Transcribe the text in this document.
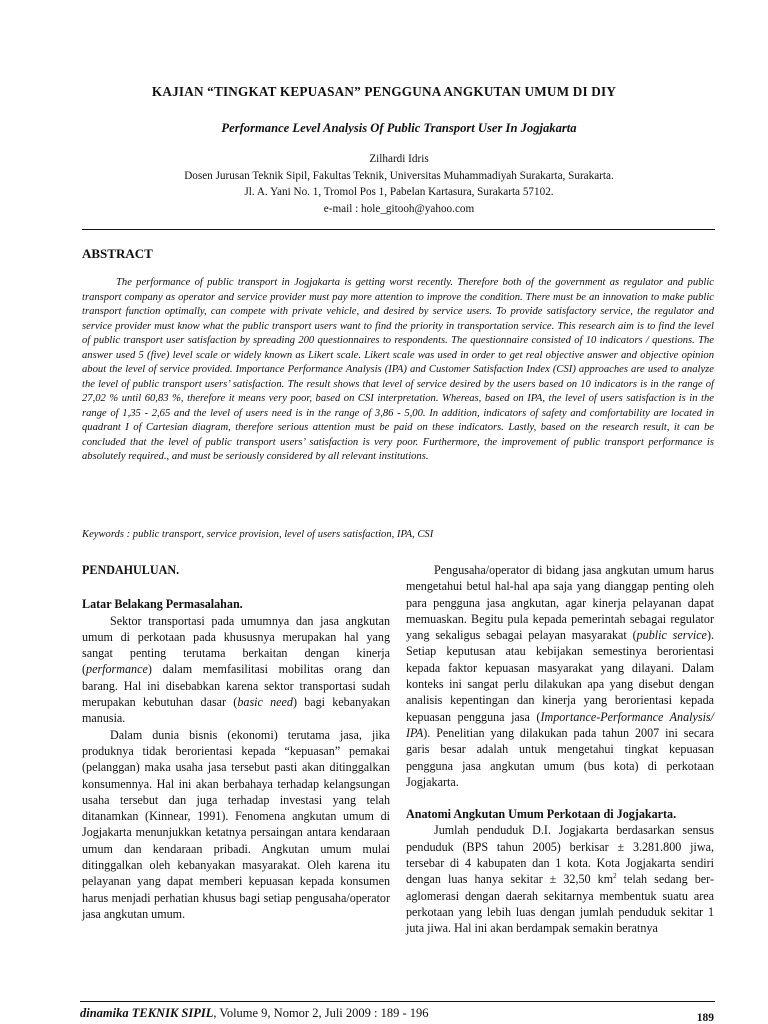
KAJIAN “TINGKAT KEPUASAN” PENGGUNA ANGKUTAN UMUM DI DIY
Performance Level Analysis Of Public Transport User In Jogjakarta
Zilhardi Idris
Dosen Jurusan Teknik Sipil, Fakultas Teknik, Universitas Muhammadiyah Surakarta, Surakarta.
Jl. A. Yani No. 1, Tromol Pos 1, Pabelan Kartasura, Surakarta 57102.
e-mail : hole_gitooh@yahoo.com
ABSTRACT
The performance of public transport in Jogjakarta is getting worst recently. Therefore both of the government as regulator and public transport company as operator and service provider must pay more attention to improve the condition. There must be an innovation to make public transport function optimally, can compete with private vehicle, and desired by service users. To provide satisfactory service, the regulator and service provider must know what the public transport users want to find the priority in transportation service. This research aim is to find the level of public transport user satisfaction by spreading 200 questionnaires to respondents. The questionnaire consisted of 10 indicators / questions. The answer used 5 (five) level scale or widely known as Likert scale. Likert scale was used in order to get real objective answer and objective opinion about the level of service provided. Importance Performance Analysis (IPA) and Customer Satisfaction Index (CSI) approaches are used to analyze the level of public transport users’ satisfaction. The result shows that level of service desired by the users based on 10 indicators is in the range of 27,02 % until 60,83 %, therefore it means very poor, based on CSI interpretation. Whereas, based on IPA, the level of users satisfaction is in the range of 1,35 - 2,65 and the level of users need is in the range of 3,86 - 5,00. In addition, indicators of safety and comfortability are located in quadrant I of Cartesian diagram, therefore serious attention must be paid on these indicators. Lastly, based on the research result, it can be concluded that the level of public transport users’ satisfaction is very poor. Furthermore, the improvement of public transport performance is absolutely required., and must be seriously considered by all relevant institutions.
Keywords : public transport, service provision, level of users satisfaction, IPA, CSI
PENDAHULUAN.
Latar Belakang Permasalahan.

Sektor transportasi pada umumnya dan jasa angkutan umum di perkotaan pada khususnya merupakan hal yang sangat penting terutama berkaitan dengan kinerja (performance) dalam memfasilitasi mobilitas orang dan barang. Hal ini disebabkan karena sektor transportasi sudah merupakan kebutuhan dasar (basic need) bagi kebanyakan manusia.

Dalam dunia bisnis (ekonomi) terutama jasa, jika produknya tidak berorientasi kepada “kepuasan” pemakai (pelanggan) maka usaha jasa tersebut pasti akan ditinggalkan konsumennya. Hal ini akan berbahaya terhadap kelangsungan usaha tersebut dan juga terhadap investasi yang telah ditanamkan (Kinnear, 1991). Fenomena angkutan umum di Jogjakarta menunjukkan ketatnya persaingan antara kendaraan umum dan kendaraan pribadi. Angkutan umum mulai ditinggalkan oleh kebanyakan masyarakat. Oleh karena itu pelayanan yang dapat memberi kepuasan kepada konsumen harus menjadi perhatian khusus bagi setiap pengusaha/operator jasa angkutan umum.

Pengusaha/operator di bidang jasa angkutan umum harus mengetahui betul hal-hal apa saja yang dianggap penting oleh para pengguna jasa angkutan, agar kinerja pelayanan dapat memuaskan. Begitu pula kepada pemerintah sebagai regulator yang sekaligus sebagai pelayan masyarakat (public service). Setiap keputusan atau kebijakan semestinya berorientasi kepada faktor kepuasan masyarakat yang dilayani. Dalam konteks ini sangat perlu dilakukan apa yang disebut dengan analisis kepentingan dan kinerja yang berorientasi kepada kepuasan pengguna jasa (Importance-Performance Analysis/ IPA). Penelitian yang dilakukan pada tahun 2007 ini secara garis besar adalah untuk mengetahui tingkat kepuasan pengguna jasa angkutan umum (bus kota) di perkotaan Jogjakarta.

Anatomi Angkutan Umum Perkotaan di Jogjakarta.

Jumlah penduduk D.I. Jogjakarta berdasarkan sensus penduduk (BPS tahun 2005) berkisar ± 3.281.800 jiwa, tersebar di 4 kabupaten dan 1 kota. Kota Jogjakarta sendiri dengan luas hanya sekitar ± 32,50 $km^2$ telah sedang ber-aglomerasi dengan daerah sekitarnya membentuk suatu area perkotaan yang lebih luas dengan jumlah penduduk sekitar 1 juta jiwa. Hal ini akan berdampak semakin beratnya

dinamika TEKNIK SIPIL, Volume 9, Nomor 2, Juli 2009 : 189 - 196	189
